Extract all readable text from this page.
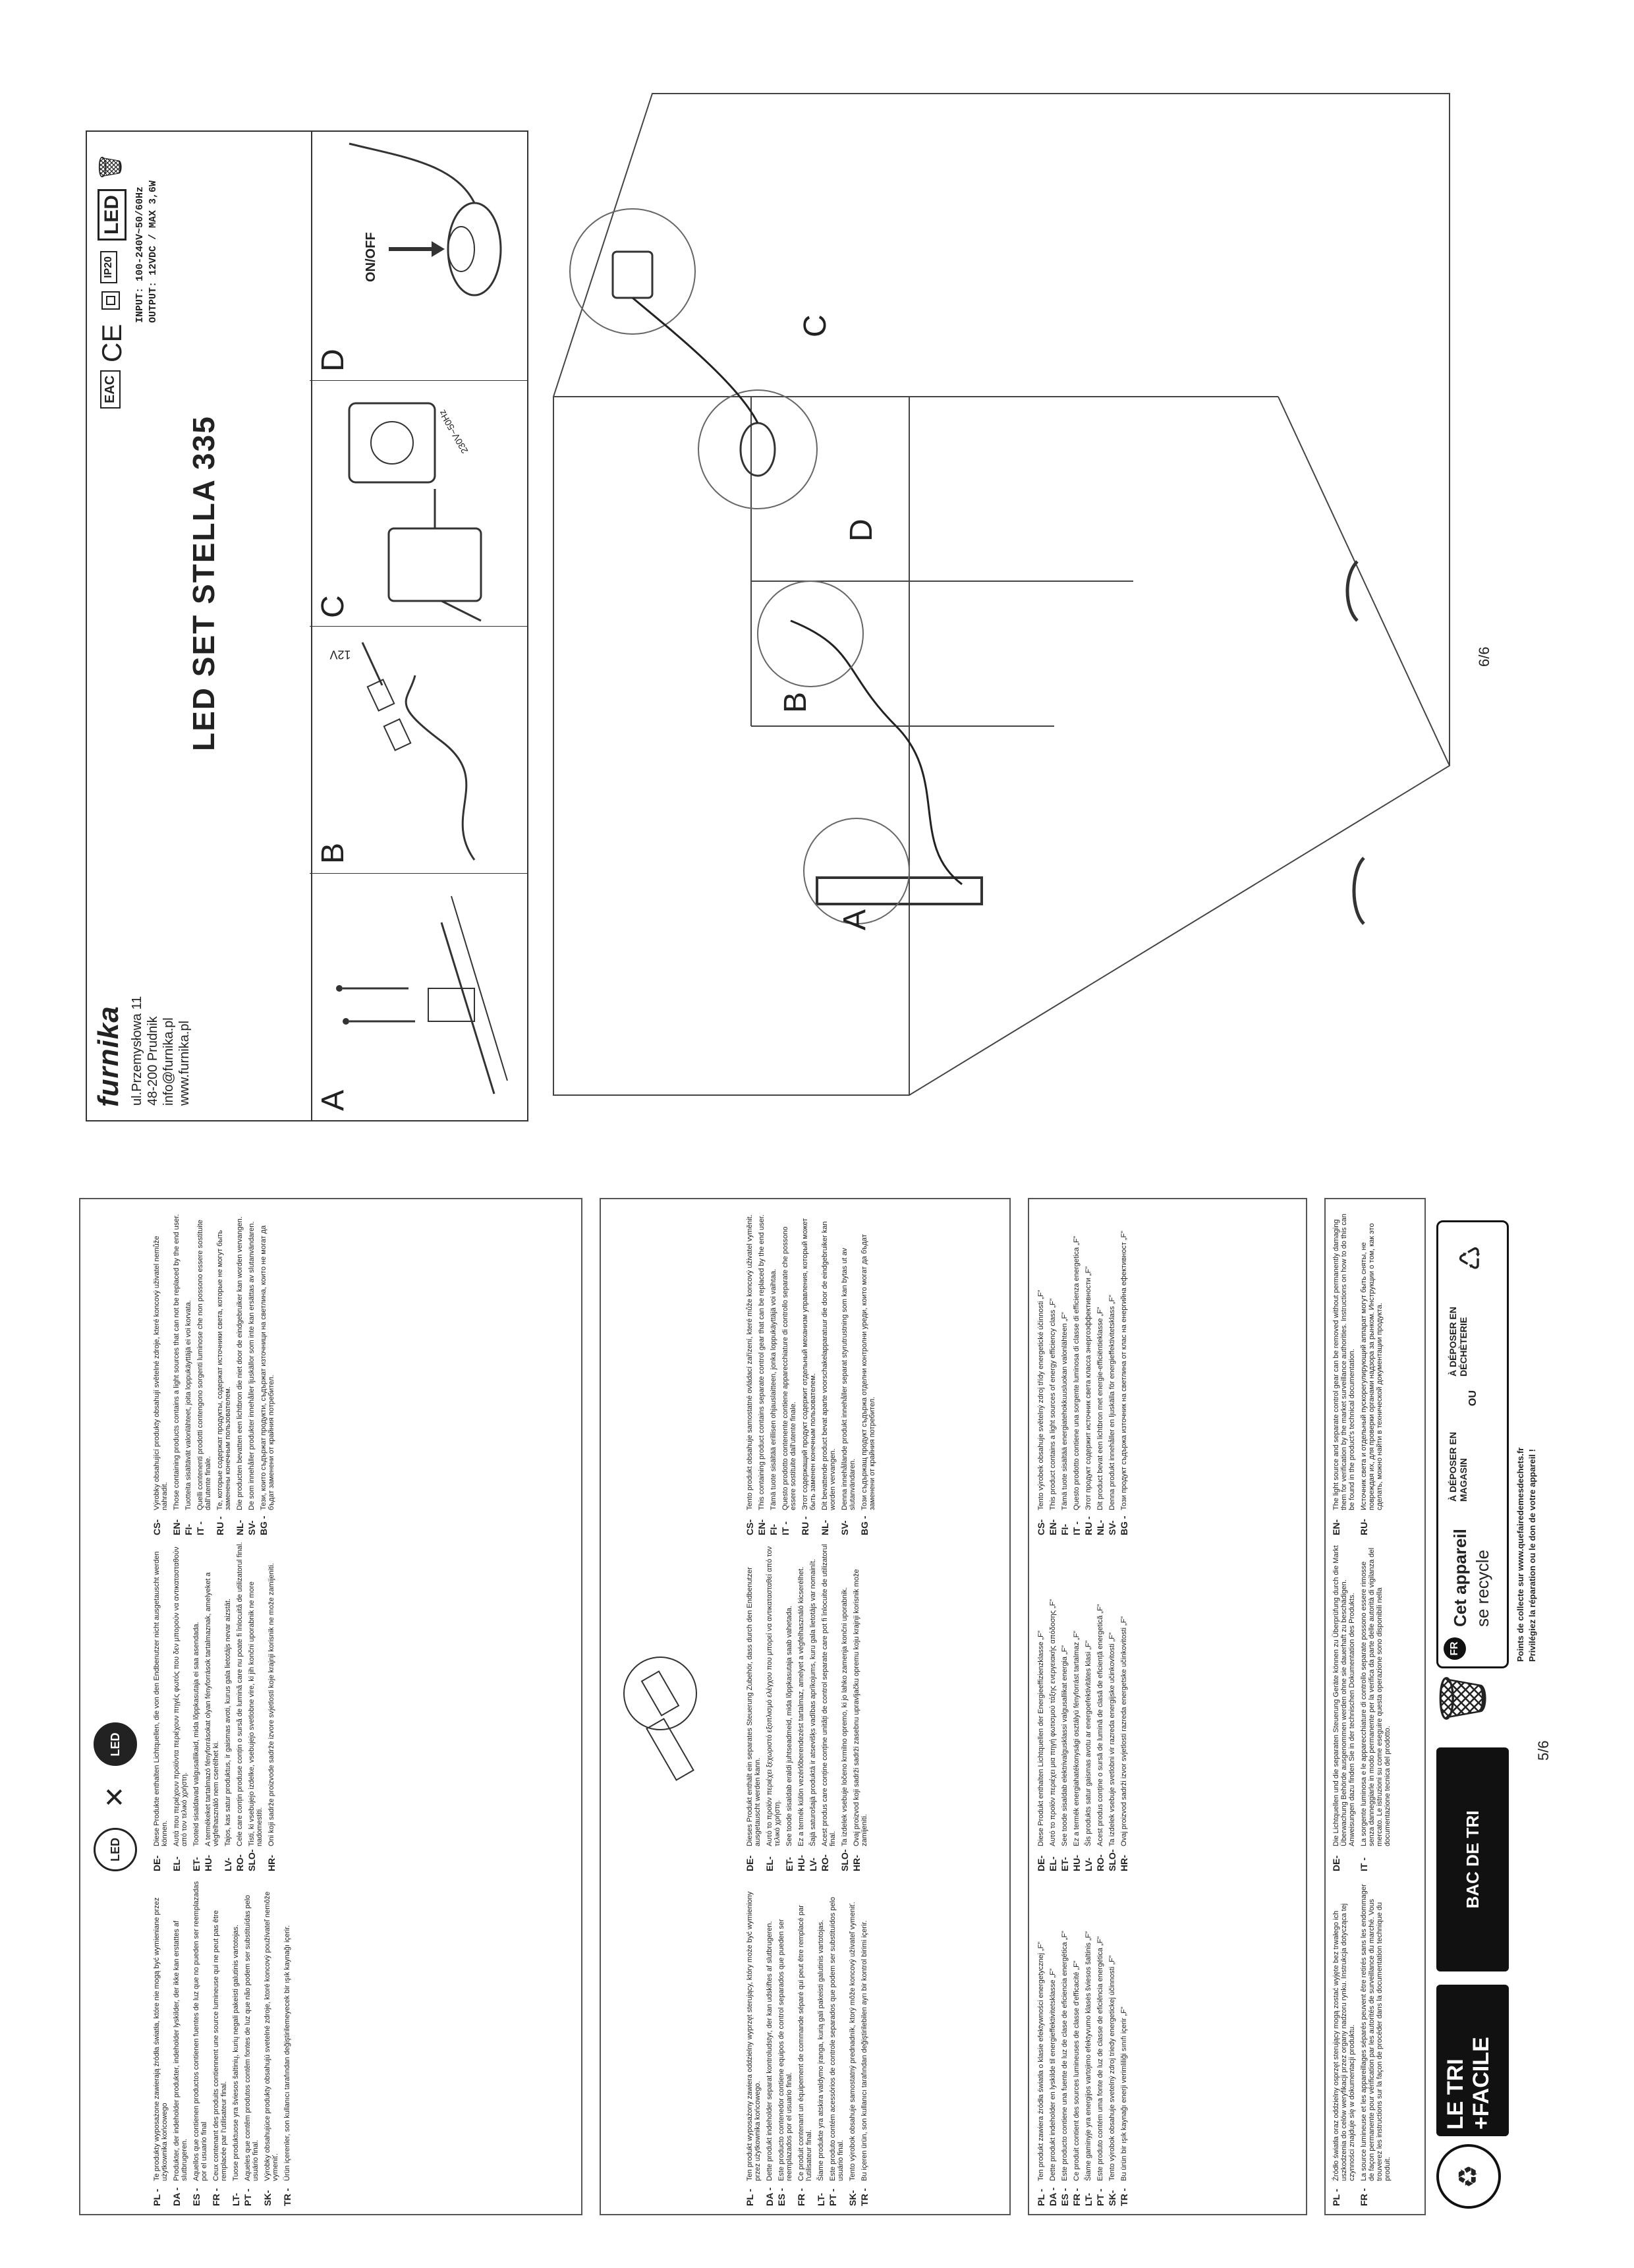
furnika ul.Przemysłowa 11 48-200 Prudnik info@furnika.pl www.furnika.pl
LED SET STELLA 335
EAC
CE
IP20
LED
🗑
INPUT: 100-240V~50/60Hz OUTPUT: 12VDC / MAX 3,6W
A
B
12V
C
230V~50Hz
D
ON/OFF
A
B
D
C
6/6
LED
✕
LED
PL -
Te produkty wyposażone zawierają źródła światła, które nie mogą być wymieniane przez użytkownika końcowego
DA -
Produkter, der indeholder produkter, indeholder lyskilder, der ikke kan erstattes af slutbrugeren.
ES -
Aquellos que contienen productos contienen fuentes de luz que no pueden ser reemplazadas por el usuario final
FR -
Ceux contenant des produits contiennent une source lumineuse qui ne peut pas être remplacée par l'utilisateur final.
LT-
Tuose produktuose yra šviesos šaltinių, kurių negali pakeisti galutinis vartotojas.
PT -
Aqueles que contêm produtos contêm fontes de luz que não podem ser substituídas pelo usuário final.
SK-
Výrobky obsahujúce produkty obsahujú svetelné zdroje, ktoré koncový používateľ nemôže vymeniť.
TR -
Ürün içerenler, son kullanıcı tarafından değiştirilemeyecek bir ışık kaynağı içerir.
DE-
Diese Produkte enthalten Lichtquellen, die von den Endbenutzer nicht ausgetauscht werden können.
EL-
Αυτά που περιέχουν προϊόντα περιέχουν πηγές φωτός που δεν μπορούν να αντικατασταθούν από τον τελικό χρήστη.
ET-
Tooteid sisaldavad valgusallikaid, mida lõppkasutaja ei saa asendada.
HU-
A termékeket tartalmazó fényforrásokat olyan fényforrások tartalmaznak, amelyeket a végfelhasználó nem cserélhet ki.
LV-
Tajos, kas satur produktus, ir gaismas avoti, kurus gala lietotājs nevar aizstāt.
RO-
Cele care conțin produse conțin o sursă de lumină care nu poate fi înlocuită de utilizatorul final.
SLO-
Tisti, ki vsebujejo izdelke, vsebujejo svetlobne vire, ki jih končni uporabnik ne more nadomestiti.
HR-
Oni koji sadrže proizvode sadrže izvore svjetlosti koje krajnji korisnik ne može zamijeniti.
CS-
Výrobky obsahující produkty obsahují světelné zdroje, které koncový uživatel nemůže nahradit.
EN-
Those containing products contains a light sources that can not be replaced by the end user.
FI-
Tuotteita sisältävät valonlähteet, joita loppukäyttäjä ei voi korvata.
IT -
Quelli contenenti prodotti contengono sorgenti luminose che non possono essere sostituite dall'utente finale.
RU -
Те, которые содержат продукты, содержат источники света, которые не могут быть заменены конечным пользователем.
NL-
Die producten bevatten een lichtbron die niet door de eindgebruiker kan worden vervangen.
SV-
De som innehåller produkter innehåller ljuskällor som inte kan ersättas av slutanvändaren.
BG -
Тези, които съдържат продукти, съдържат източници на светлина, които не могат да бъдат заменени от крайния потребител.
PL -
Ten produkt wyposażony zawiera oddzielny wyprzęt sterujący, który może być wymieniony przez użytkownika końcowego.
DA -
Dette produkt indeholder separat kontroludstyr, der kan udskiftes af slutbrugeren.
ES -
Este producto contenedor contiene equipos de control separados que pueden ser reemplazados por el usuario final.
FR -
Ce produit contenant un équipement de commande séparé qui peut être remplacé par l'utilisateur final.
LT-
Šiame produkte yra atskira valdymo įranga, kurią gali pakeisti galutinis vartotojas.
PT -
Este produto contém acessórios de controle separados que podem ser substituídos pelo usuário final.
SK-
Tento výrobok obsahuje samostatný prednadník, ktorý môže koncový užívateľ vymeniť.
TR -
Bu içeren ürün, son kullanıcı tarafından değiştirilebilen ayrı bir kontrol birimi içerir.
DE-
Dieses Produkt enthält ein separates Steuerung Zubehör, dass durch den Endbenutzer ausgetauscht werden kann.
EL-
Αυτό το προϊόν περιέχει ξεχωριστό εξοπλισμό ελέγχου που μπορεί να αντικατασταθεί από τον τελικό χρήστη.
ET-
See toode sisaldab eraldi juhtseadmeid, mida lõppkasutaja saab vahetada.
HU-
Ez a termék külön vezérlőberendezést tartalmaz, amelyet a végfelhasználó kicserélhet.
LV-
Šajā saturošajā produktā ir atsevišķs vadības aprīkojums, kuru gala lietotājs var nomainīt.
RO-
Acest produs care conține conține unități de control separate care pot fi înlocuite de utilizatorul final.
SLO-
Ta izdelek vsebuje ločeno krmilno opremo, ki jo lahko zamenja končni uporabnik.
HR-
Ovaj proizvod koji sadrži sadrži zasebnu upravljačku opremu koju krajnji korisnik može zamijeniti.
CS-
Tento produkt obsahuje samostatné ovládací zařízení, které může koncový uživatel vyměnit.
EN-
This containing product contains separate control gear that can be replaced by the end user.
FI-
Tämä tuote sisältää erillisen ohjauslaitteen, jonka loppukäyttäjä voi vaihtaa.
IT -
Questo prodotto contenente contiene apparecchiature di controllo separate che possono essere sostituite dall'utente finale.
RU -
Этот содержащий продукт содержит отдельный механизм управления, который может быть заменен конечным пользователем.
NL-
Dit bevattende product bevat aparte voorschakelapparatuur die door de eindgebruiker kan worden vervangen.
SV-
Denna innehållande produkt innehåller separat styrutrustning som kan bytas ut av slutanvändaren.
BG -
Този съдържащ продукт съдържа отделни контролни уреди, които могат да бъдат заменени от крайния потребител.
PL -
Ten produkt zawiera źródła światła o klasie efektywności energetycznej „F”
DA -
Dette produkt indeholder en lyskilde til energieffektivitetsklasse „F”
ES -
Este producto contiene una fuente de luz de clase de eficiencia energética „F”
FR -
Ce produit contient des sources lumineuses de classe d'efficacité „F”
LT-
Šiame gaminyje yra energijos vartojimo efektyvumo klasės šviesos šaltinis „F”
PT -
Este produto contém uma fonte de luz de classe de eficiência energética „F”
SK-
Tento výrobok obsahuje svetelný zdroj triedy energetickej účinnosti „F”
TR -
Bu ürün bir ışık kaynağı enerji verimliliği sınıfı içerir „F”
DE-
Diese Produkt enthalten Lichtquellen der Energieeffizienzklasse „F”
EL-
Αυτό το προϊόν περιέχει μια πηγή φωτισμού τάξης ενεργειακής απόδοσης „F”
ET-
See toode sisaldab elektrivalgusklassi valgusallikat energia „F”
HU-
Ez a termék energiahatékonysági osztályú fényforrást tartalmaz „F”
LV-
Šis produkts satur gaismas avotu ar energoefektivitātes klasi „F”
RO-
Acest produs conține o sursă de lumină de clasă de eficiență energetică „F”
SLO-
Ta izdelek vsebuje svetlobni vir razreda energijske učinkovitosti „F”
HR-
Ovaj proizvod sadrži izvor svjetlosti razreda energetske učinkovitosti „F”
CS-
Tento výrobek obsahuje světelný zdroj třídy energetické účinnosti „F”
EN-
This product contains a light sources of energy efficiency class „F”
FI-
Tämä tuote sisältää energiatehokkuusluokan valonlähteen „F”
IT -
Questo prodotto contiene una sorgente luminosa di classe di efficienza energetica „F”
RU -
Этот продукт содержит источник света класса энергоэффективности „F”
NL-
Dit product bevat een lichtbron met energie-efficiëntieklasse „F”
SV-
Denna produkt innehåller en ljuskälla för energieffektivitetsklass „F”
BG -
Този продукт съдържа източник на светлина от клас на енергийна ефективност „F”
PL -
Źródło światła oraz oddzielny osprzęt sterujący mogą zostać wyjęte bez trwałego ich uszkodzenia do celów weryfikacji przez organy nadzoru rynku. Instrukcja dotycząca tej czynności znajduje się w dokumentacji produktu.
FR -
La source lumineuse et les appareillages séparés peuvent être retirés sans les endommager de façon permanente pour vérification par les autorités de surveillance du marché. Vous trouverez les instructions sur la façon de procéder dans la documentation technique du produit.
DE-
Die Lichtquellen und die separaten Steuerung Geräte können zu Überprüfung durch die Markt Überwachung Behörde ausgenommen werden ohne sie dauerhaft zu beschädigen. Anweisungen dazu finden Sie in der technischen Dokumentation des Produkts.
IT -
La sorgente luminosa e le apparecchiature di controllo separate possono essere rimosse senza danneggiarle in modo permanente per la verifica da parte delle autorità di vigilanza del mercato. Le istruzioni su come eseguire questa operazione sono disponibili nella documentazione tecnica del prodotto.
EN-
The light source and separate control gear can be removed without permanently damaging them for verification by the market surveillance authorities. Instructions on how to do this can be found in the product's technical documentation.
RU-
Источник света и отдельный пускорегулирующий аппарат могут быть сняты, не повреждая их, для проверки органами надзора за рынком. Инструкции о том, как это сделать, можно найти в технической документации продукта.
♻
LE TRI +FACILE
BAC DE TRI
🗑
FR
Cet appareil se recycle
À DÉPOSER EN MAGASIN
OU
À DÉPOSER EN DÉCHÈTERIE
♺
Points de collecte sur www.quefairedemesdechets.fr Privilégiez la réparation ou le don de votre appareil !
5/6
